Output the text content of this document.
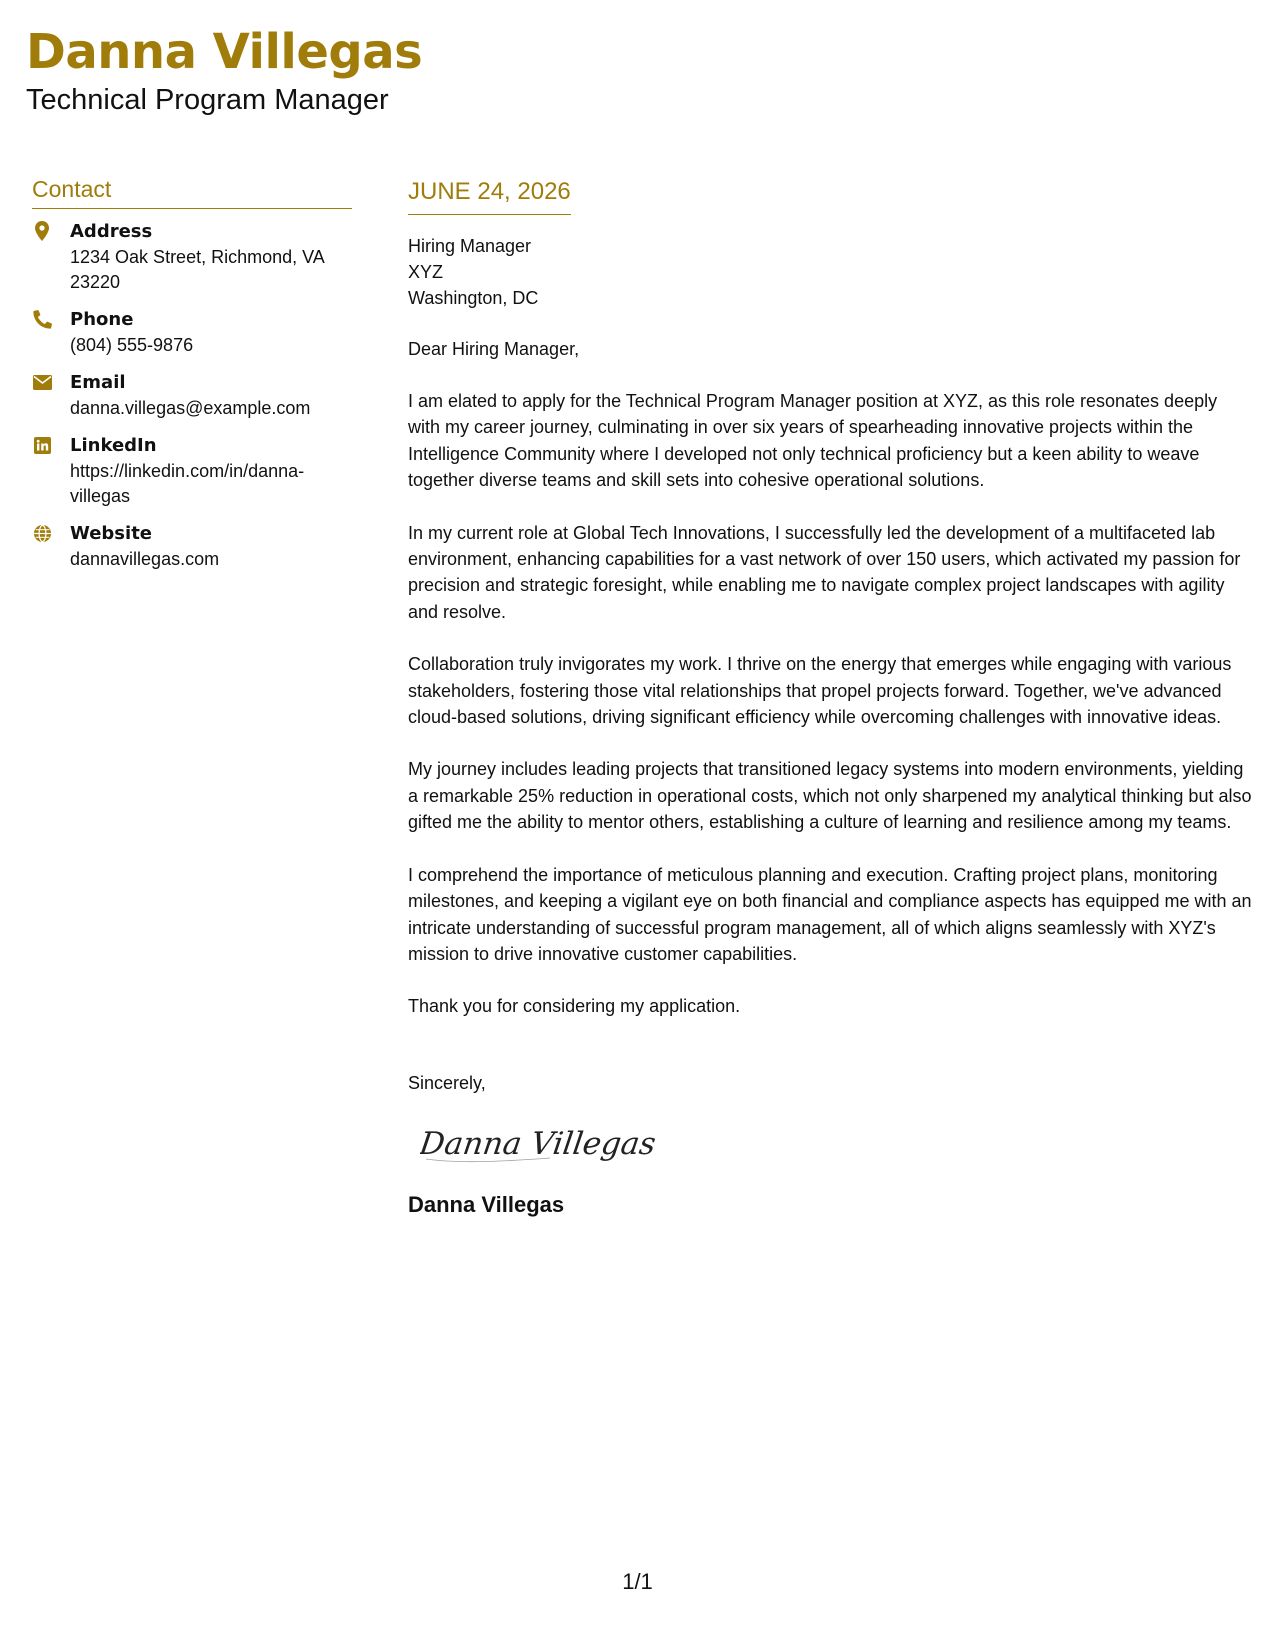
Danna Villegas
Technical Program Manager
Contact
Address
1234 Oak Street, Richmond, VA 23220
Phone
(804) 555-9876
Email
danna.villegas@example.com
LinkedIn
https://linkedin.com/in/danna-villegas
Website
dannavillegas.com
JUNE 24, 2026
Hiring Manager
XYZ
Washington, DC
Dear Hiring Manager,

I am elated to apply for the Technical Program Manager position at XYZ, as this role resonates deeply with my career journey, culminating in over six years of spearheading innovative projects within the Intelligence Community where I developed not only technical proficiency but a keen ability to weave together diverse teams and skill sets into cohesive operational solutions.

In my current role at Global Tech Innovations, I successfully led the development of a multifaceted lab environment, enhancing capabilities for a vast network of over 150 users, which activated my passion for precision and strategic foresight, while enabling me to navigate complex project landscapes with agility and resolve.

Collaboration truly invigorates my work. I thrive on the energy that emerges while engaging with various stakeholders, fostering those vital relationships that propel projects forward. Together, we've advanced cloud-based solutions, driving significant efficiency while overcoming challenges with innovative ideas.

My journey includes leading projects that transitioned legacy systems into modern environments, yielding a remarkable 25% reduction in operational costs, which not only sharpened my analytical thinking but also gifted me the ability to mentor others, establishing a culture of learning and resilience among my teams.

I comprehend the importance of meticulous planning and execution. Crafting project plans, monitoring milestones, and keeping a vigilant eye on both financial and compliance aspects has equipped me with an intricate understanding of successful program management, all of which aligns seamlessly with XYZ's mission to drive innovative customer capabilities.

Thank you for considering my application.

Sincerely,
Danna Villegas
Danna Villegas
1/1
